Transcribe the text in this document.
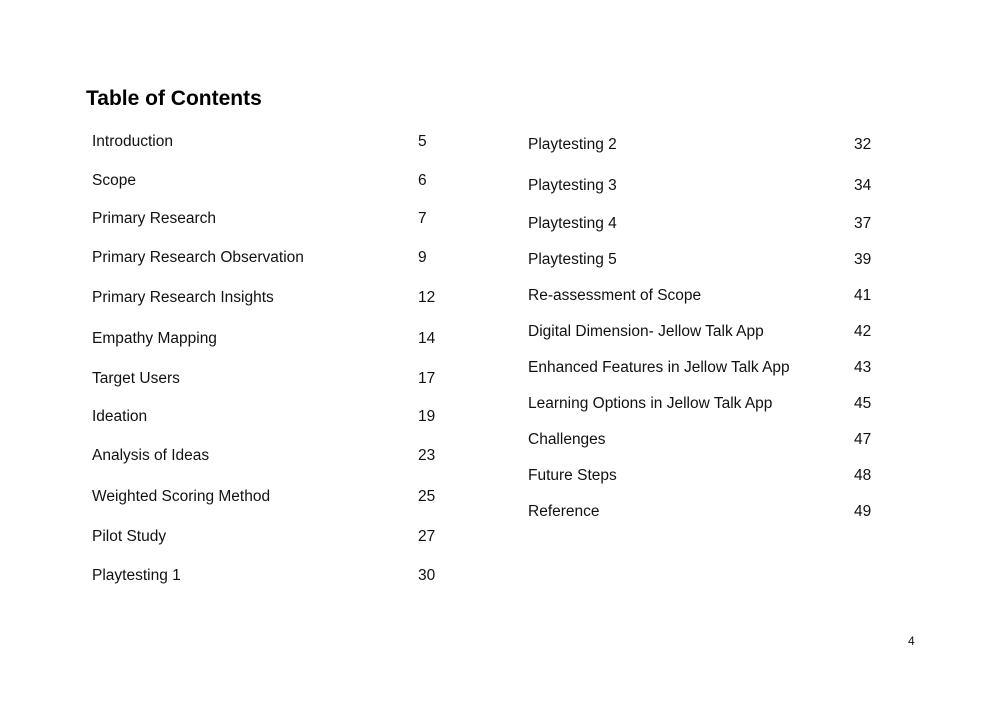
Table of Contents
Introduction	5
Scope	6
Primary Research	7
Primary Research Observation	9
Primary Research Insights	12
Empathy Mapping	14
Target Users	17
Ideation	19
Analysis of Ideas	23
Weighted Scoring Method	25
Pilot Study	27
Playtesting 1	30
Playtesting 2	32
Playtesting 3	34
Playtesting 4	37
Playtesting 5	39
Re-assessment of Scope	41
Digital Dimension- Jellow Talk App	42
Enhanced Features in Jellow Talk App	43
Learning Options in Jellow Talk App	45
Challenges	47
Future Steps	48
Reference	49
4
